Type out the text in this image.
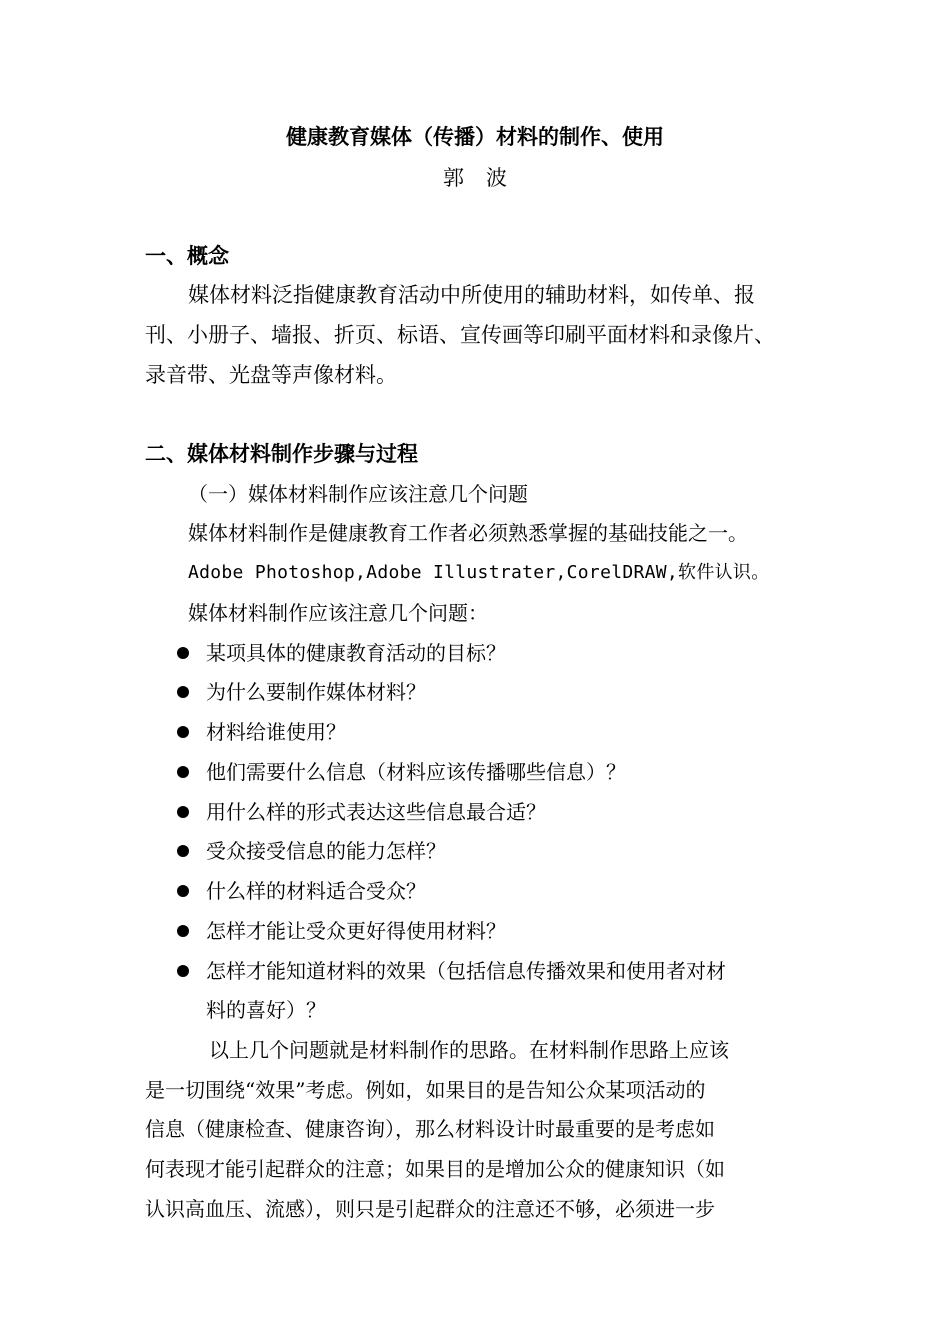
健康教育媒体（传播）材料的制作、使用
郭波
一、概念
媒体材料泛指健康教育活动中所使用的辅助材料，如传单、报
刊、小册子、墙报、折页、标语、宣传画等印刷平面材料和录像片、
录音带、光盘等声像材料。
二、媒体材料制作步骤与过程
（一）媒体材料制作应该注意几个问题
媒体材料制作是健康教育工作者必须熟悉掌握的基础技能之一。
Adobe Photoshop,Adobe Illustrater,CorelDRAW,软件认识。
媒体材料制作应该注意几个问题：
某项具体的健康教育活动的目标？
为什么要制作媒体材料？
材料给谁使用？
他们需要什么信息（材料应该传播哪些信息）？
用什么样的形式表达这些信息最合适？
受众接受信息的能力怎样？
什么样的材料适合受众？
怎样才能让受众更好得使用材料？
怎样才能知道材料的效果（包括信息传播效果和使用者对材
料的喜好）？
以上几个问题就是材料制作的思路。在材料制作思路上应该
是一切围绕“效果”考虑。例如，如果目的是告知公众某项活动的
信息（健康检查、健康咨询），那么材料设计时最重要的是考虑如
何表现才能引起群众的注意；如果目的是增加公众的健康知识（如
认识高血压、流感），则只是引起群众的注意还不够，必须进一步
